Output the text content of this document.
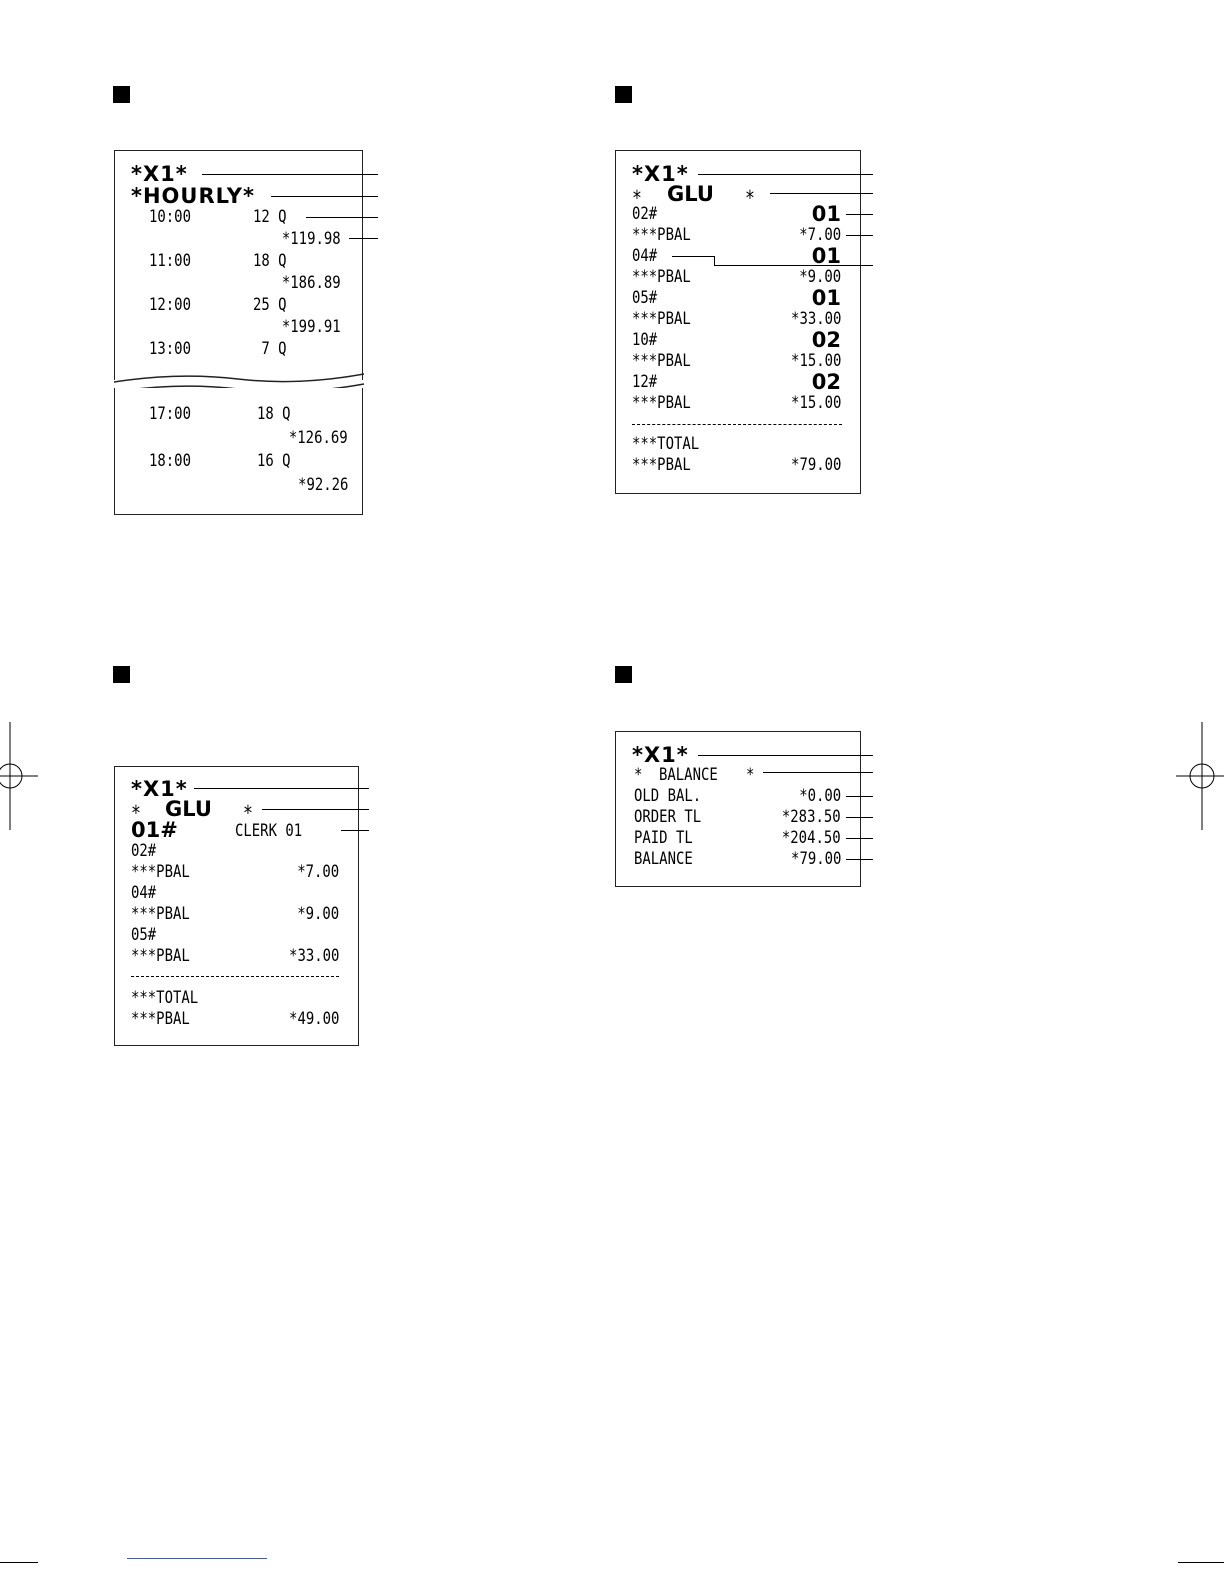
*X1*
*HOURLY*
10:00	12 Q
*119.98
11:00	18 Q
*186.89
12:00	25 Q
*199.91
13:00	7 Q
17:00	18 Q
*126.69
18:00	16 Q
*92.26
*X1*
* GLU *
02#	01
***PBAL	*7.00
04#	01
***PBAL	*9.00
05#	01
***PBAL	*33.00
10#	02
***PBAL	*15.00
12#	02
***PBAL	*15.00
***TOTAL
***PBAL	*79.00
*X1*
* GLU *
01#	CLERK 01
02#
***PBAL	*7.00
04#
***PBAL	*9.00
05#
***PBAL	*33.00
***TOTAL
***PBAL	*49.00
*X1*
* BALANCE *
OLD BAL.	*0.00
ORDER TL	*283.50
PAID TL	*204.50
BALANCE	*79.00
